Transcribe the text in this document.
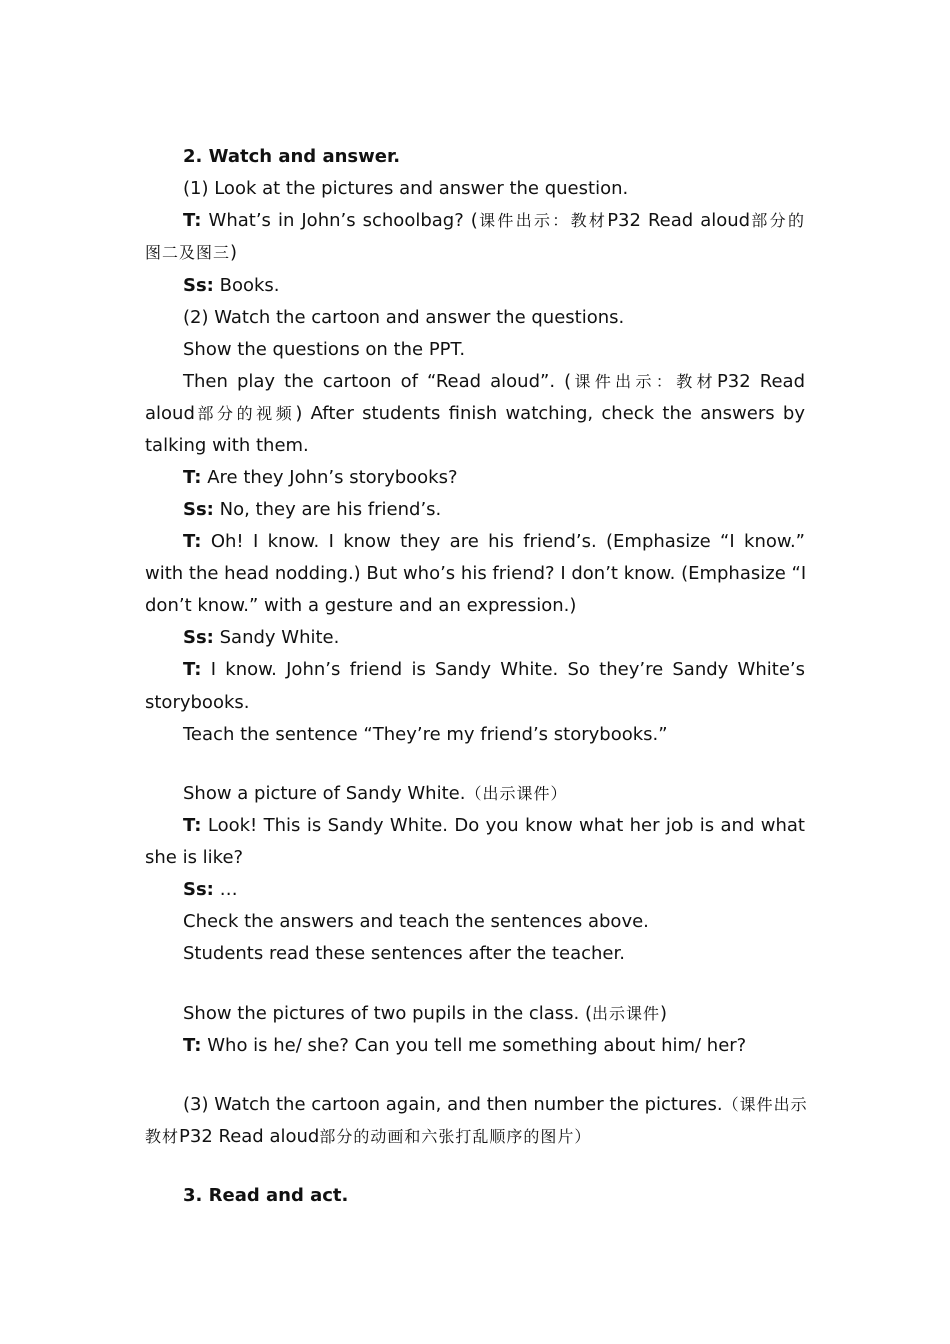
2. Watch and answer.
(1) Look at the pictures and answer the question.
T: What’s in John’s schoolbag? (课件出示：教材P32 Read aloud部分的
图二及图三)
Ss: Books.
(2) Watch the cartoon and answer the questions.
Show the questions on the PPT.
Then play the cartoon of “Read aloud”. (课件出示：教材P32 Read
aloud部分的视频) After students finish watching, check the answers by
talking with them.
T: Are they John’s storybooks?
Ss: No, they are his friend’s.
T: Oh! I know. I know they are his friend’s. (Emphasize “I know.”
with the head nodding.) But who’s his friend? I don’t know. (Emphasize “I
don’t know.” with a gesture and an expression.)
Ss: Sandy White.
T: I know. John’s friend is Sandy White. So they’re Sandy White’s
storybooks.
Teach the sentence “They’re my friend’s storybooks.”
Show a picture of Sandy White.（出示课件）
T: Look! This is Sandy White. Do you know what her job is and what
she is like?
Ss: …
Check the answers and teach the sentences above.
Students read these sentences after the teacher.
Show the pictures of two pupils in the class. (出示课件)
T: Who is he/ she? Can you tell me something about him/ her?
(3) Watch the cartoon again, and then number the pictures.（课件出示
教材P32 Read aloud部分的动画和六张打乱顺序的图片）
3. Read and act.
